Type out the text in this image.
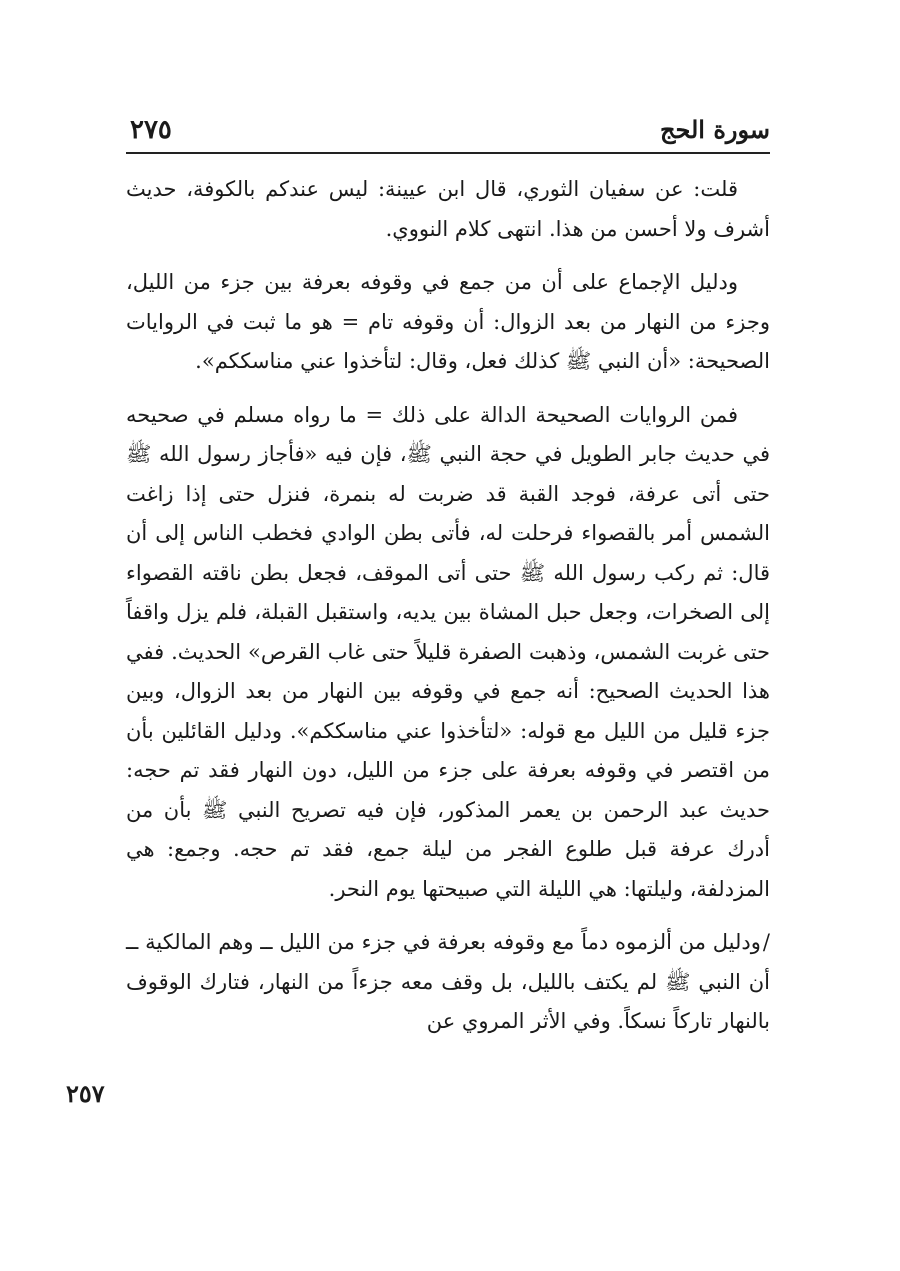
سورة الحج
٢٧٥

قلت: عن سفيان الثوري، قال ابن عيينة: ليس عندكم بالكوفة، حديث أشرف ولا أحسن من هذا. انتهى كلام النووي.

ودليل الإجماع على أن من جمع في وقوفه بعرفة بين جزء من الليل، وجزء من النهار من بعد الزوال: أن وقوفه تام = هو ما ثبت في الروايات الصحيحة: «أن النبي ﷺ كذلك فعل، وقال: لتأخذوا عني مناسككم».

فمن الروايات الصحيحة الدالة على ذلك = ما رواه مسلم في صحيحه في حديث جابر الطويل في حجة النبي ﷺ، فإن فيه «فأجاز رسول الله ﷺ حتى أتى عرفة، فوجد القبة قد ضربت له بنمرة، فنزل حتى إذا زاغت الشمس أمر بالقصواء فرحلت له، فأتى بطن الوادي فخطب الناس إلى أن قال: ثم ركب رسول الله ﷺ حتى أتى الموقف، فجعل بطن ناقته القصواء إلى الصخرات، وجعل حبل المشاة بين يديه، واستقبل القبلة، فلم يزل واقفاً حتى غربت الشمس، وذهبت الصفرة قليلاً حتى غاب القرص» الحديث. ففي هذا الحديث الصحيح: أنه جمع في وقوفه بين النهار من بعد الزوال، وبين جزء قليل من الليل مع قوله: «لتأخذوا عني مناسككم». ودليل القائلين بأن من اقتصر في وقوفه بعرفة على جزء من الليل، دون النهار فقد تم حجه: حديث عبد الرحمن بن يعمر المذكور، فإن فيه تصريح النبي ﷺ بأن من أدرك عرفة قبل طلوع الفجر من ليلة جمع، فقد تم حجه. وجمع: هي المزدلفة، وليلتها: هي الليلة التي صبيحتها يوم النحر.

/ودليل من ألزموه دماً مع وقوفه بعرفة في جزء من الليل ــ وهم المالكية ــ أن النبي ﷺ لم يكتف بالليل، بل وقف معه جزءاً من النهار، فتارك الوقوف بالنهار تاركاً نسكاً. وفي الأثر المروي عن

٢٥٧
